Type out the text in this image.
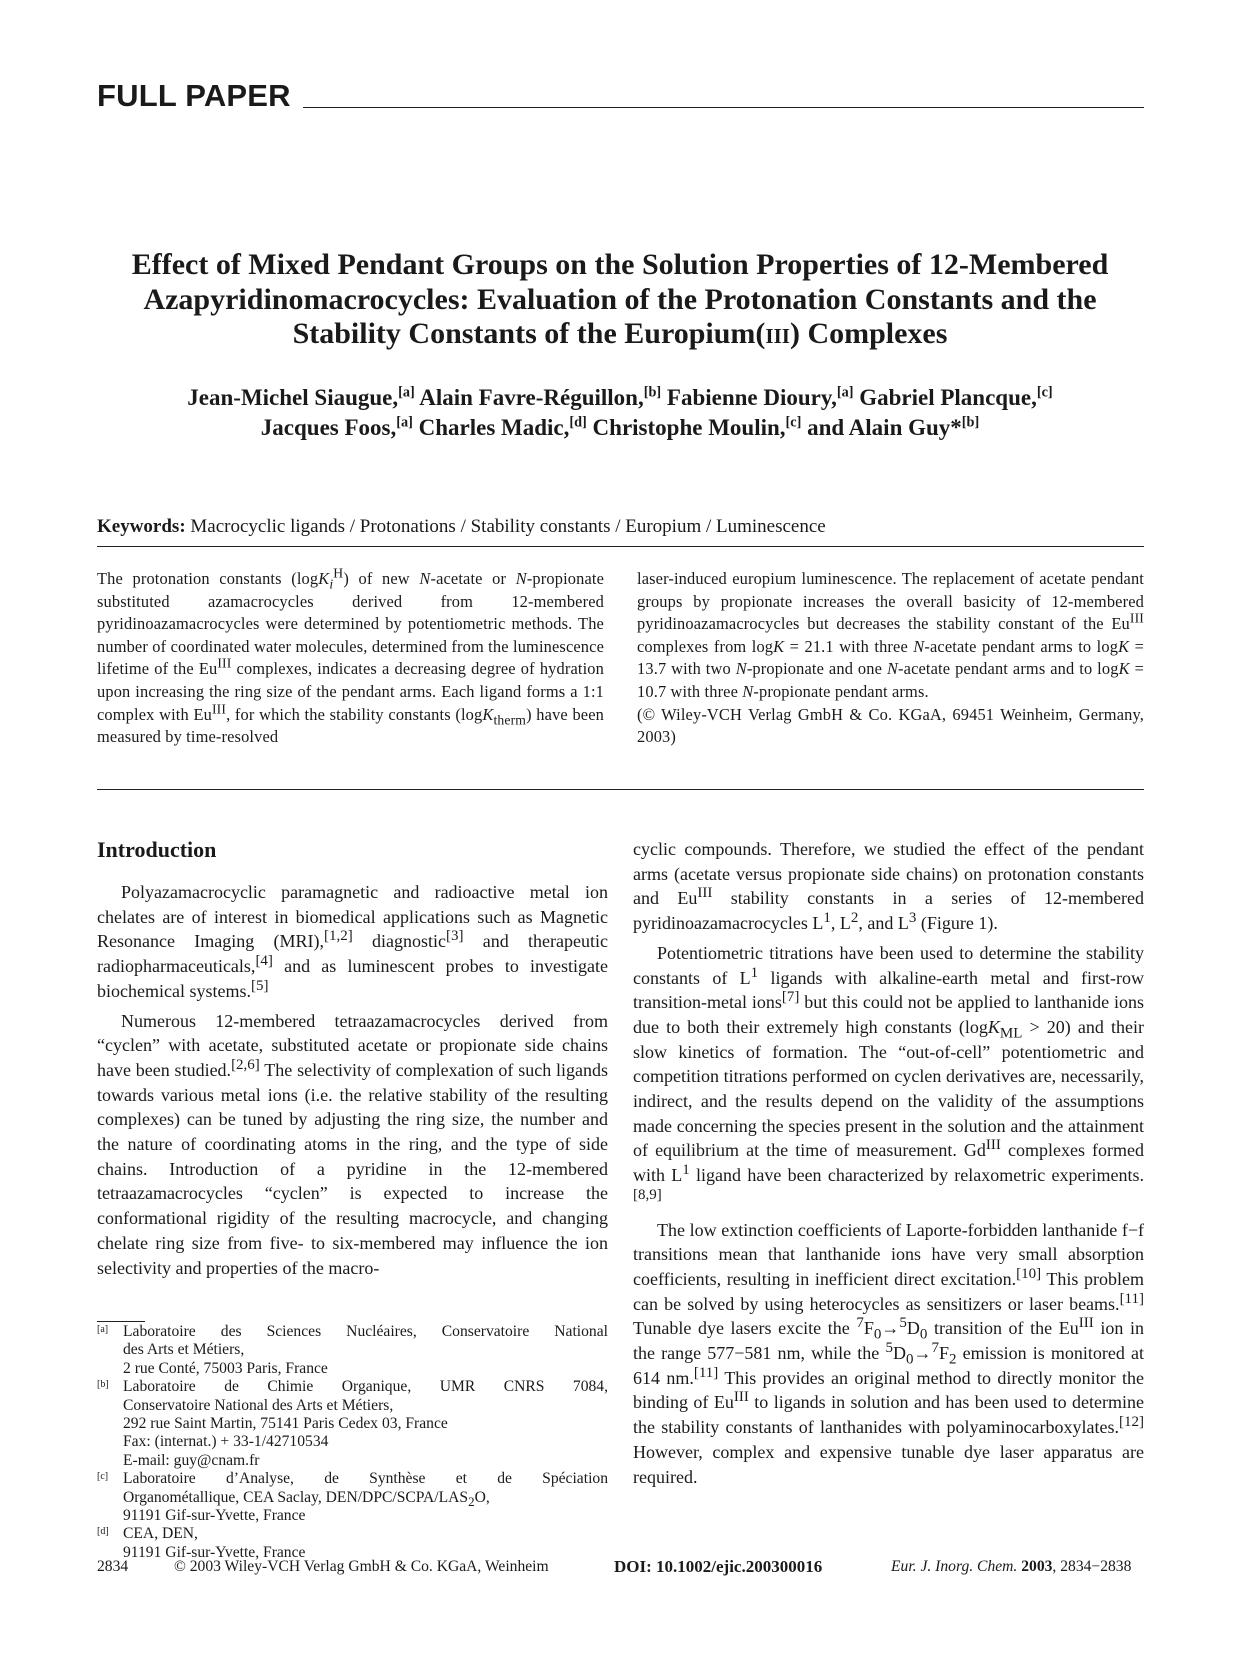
FULL PAPER
Effect of Mixed Pendant Groups on the Solution Properties of 12-Membered Azapyridinomacrocycles: Evaluation of the Protonation Constants and the Stability Constants of the Europium(iii) Complexes
Jean-Michel Siaugue,[a] Alain Favre-Réguillon,[b] Fabienne Dioury,[a] Gabriel Plancque,[c]
Jacques Foos,[a] Charles Madic,[d] Christophe Moulin,[c] and Alain Guy*[b]
Keywords: Macrocyclic ligands / Protonations / Stability constants / Europium / Luminescence

The protonation constants (logK$_i^H$) of new N-acetate or N-propionate substituted azamacrocycles derived from 12-membered pyridinoazamacrocycles were determined by potentiometric methods. The number of coordinated water molecules, determined from the luminescence lifetime of the $Eu^{III}$ complexes, indicates a decreasing degree of hydration upon increasing the ring size of the pendant arms. Each ligand forms a 1:1 complex with $Eu^{III}$, for which the stability constants (logK$_{therm}$) have been measured by time-resolved

laser-induced europium luminescence. The replacement of acetate pendant groups by propionate increases the overall basicity of 12-membered pyridinoazamacrocycles but decreases the stability constant of the $Eu^{III}$ complexes from logK = 21.1 with three N-acetate pendant arms to logK = 13.7 with two N-propionate and one N-acetate pendant arms and to logK = 10.7 with three N-propionate pendant arms.

(© Wiley-VCH Verlag GmbH & Co. KGaA, 69451 Weinheim, Germany, 2003)

Introduction

Polyazamacrocyclic paramagnetic and radioactive metal ion chelates are of interest in biomedical applications such as Magnetic Resonance Imaging (MRI),[1,2] diagnostic[3] and therapeutic radiopharmaceuticals,[4] and as luminescent probes to investigate biochemical systems.[5]

Numerous 12-membered tetraazamacrocycles derived from “cyclen” with acetate, substituted acetate or propionate side chains have been studied.[2,6] The selectivity of complexation of such ligands towards various metal ions (i.e. the relative stability of the resulting complexes) can be tuned by adjusting the ring size, the number and the nature of coordinating atoms in the ring, and the type of side chains. Introduction of a pyridine in the 12-membered tetraazamacrocycles “cyclen” is expected to increase the conformational rigidity of the resulting macrocycle, and changing chelate ring size from five- to six-membered may influence the ion selectivity and properties of the macro-

cyclic compounds. Therefore, we studied the effect of the pendant arms (acetate versus propionate side chains) on protonation constants and $Eu^{III}$ stability constants in a series of 12-membered pyridinoazamacrocycles $L^1$, $L^2$, and $L^3$ (Figure 1).

Potentiometric titrations have been used to determine the stability constants of $L^1$ ligands with alkaline-earth metal and first-row transition-metal ions[7] but this could not be applied to lanthanide ions due to both their extremely high constants (logK$_{ML}$ > 20) and their slow kinetics of formation. The “out-of-cell” potentiometric and competition titrations performed on cyclen derivatives are, necessarily, indirect, and the results depend on the validity of the assumptions made concerning the species present in the solution and the attainment of equilibrium at the time of measurement. $Gd^{III}$ complexes formed with $L^1$ ligand have been characterized by relaxometric experiments.[8,9]

The low extinction coefficients of Laporte-forbidden lanthanide f−f transitions mean that lanthanide ions have very small absorption coefficients, resulting in inefficient direct excitation.[10] This problem can be solved by using heterocycles as sensitizers or laser beams.[11] Tunable dye lasers excite the $^7F_0\to^5D_0$ transition of the $Eu^{III}$ ion in the range 577−581 nm, while the $^5D_0\to^7F_2$ emission is monitored at 614 nm.[11] This provides an original method to directly monitor the binding of $Eu^{III}$ to ligands in solution and has been used to determine the stability constants of lanthanides with polyaminocarboxylates.[12] However, complex and expensive tunable dye laser apparatus are required.

[a] Laboratoire des Sciences Nucléaires, Conservatoire National
des Arts et Métiers,
2 rue Conté, 75003 Paris, France
[b] Laboratoire de Chimie Organique, UMR CNRS 7084,
Conservatoire National des Arts et Métiers,
292 rue Saint Martin, 75141 Paris Cedex 03, France
Fax: (internat.) + 33-1/42710534
E-mail: guy@cnam.fr
[c] Laboratoire d’Analyse, de Synthèse et de Spéciation
Organométallique, CEA Saclay, DEN/$DPC/SCPA/LAS_2O$,
91191 Gif-sur-Yvette, France
[d] CEA, DEN,
91191 Gif-sur-Yvette, France
2834	© 2003 Wiley-VCH Verlag GmbH & Co. KGaA, Weinheim	DOI: 10.1002/ejic.200300016	Eur. J. Inorg. Chem. 2003, 2834−2838
